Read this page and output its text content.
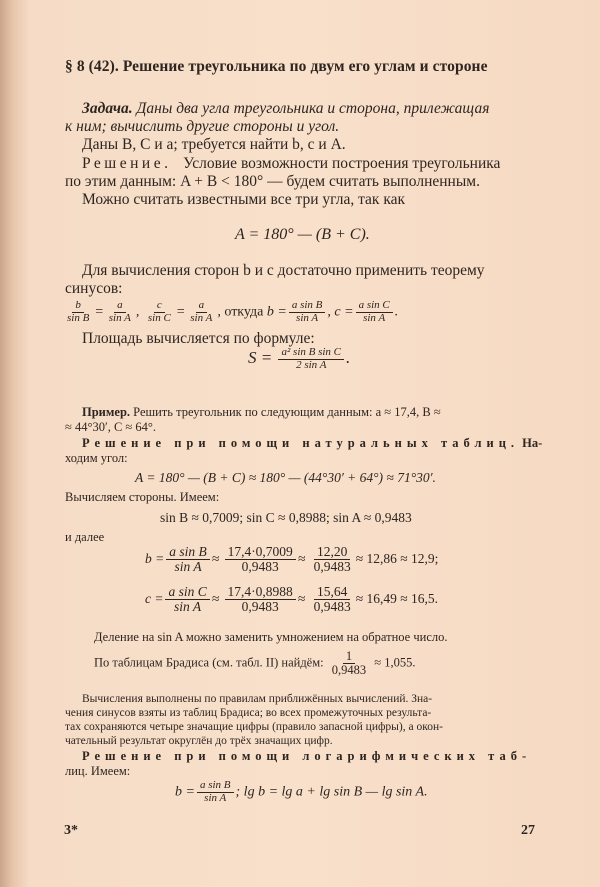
§ 8 (42). Решение треугольника по двум его углам и стороне
Задача. Даны два угла треугольника и сторона, прилежащая
к ним; вычислить другие стороны и угол.
Даны B, C и a; требуется найти b, c и A.
Решение. Условие возможности построения треугольника
по этим данным: A + B < 180° — будем считать выполненным.
Можно считать известными все три угла, так как
A = 180° — (B + C).
Для вычисления сторон b и c достаточно применить теорему
синусов:
$\frac{b}{\text{sin B}} = \frac{a}{\text{sin A}}$ , $\frac{c}{\text{sin C}} = \frac{a}{\text{sin A}}$ , откуда $b = \frac{\text{a sin B}}{\text{sin A}}$ , $c = \frac{\text{a sin C}}{\text{sin A}}$ .
Площадь вычисляется по формуле:
$S = \frac{\text{a² sin B sin C}}{\text{2 sin A}}$ .
Пример. Решить треугольник по следующим данным: a ≈ 17,4, B ≈
≈ 44°30′, C ≈ 64°.
Решение при помощи натуральных таблиц. На-
ходим угол:
A = 180° — (B + C) ≈ 180° — (44°30′ + 64°) ≈ 71°30′.
Вычисляем стороны. Имеем:
sin B ≈ 0,7009; sin C ≈ 0,8988; sin A ≈ 0,9483
и далее
$b = \frac{\text{a sin B}}{\text{sin A}} \approx \frac{17,4\cdot 0,7009}{0,9483} \approx \frac{12,20}{0,9483} \approx 12,86 \approx 12,9$;
$c = \frac{\text{a sin C}}{\text{sin A}} \approx \frac{17,4\cdot 0,8988}{0,9483} \approx \frac{15,64}{0,9483} \approx 16,49 \approx 16,5$.
Деление на sin A можно заменить умножением на обратное число.
По таблицам Брадиса (см. табл. II) найдём: $\frac{1}{0,9483} \approx 1,055$.
Вычисления выполнены по правилам приближённых вычислений. Зна-
чения синусов взяты из таблиц Брадиса; во всех промежуточных результа-
тах сохраняются четыре значащие цифры (правило запасной цифры), а окон-
чательный результат округлён до трёх значащих цифр.
Решение при помощи логарифмических таб-
лиц. Имеем:
$b = \frac{\text{a sin B}}{\text{sin A}}$ ; lg b = lg a + lg sin B — lg sin A.
3*	27
